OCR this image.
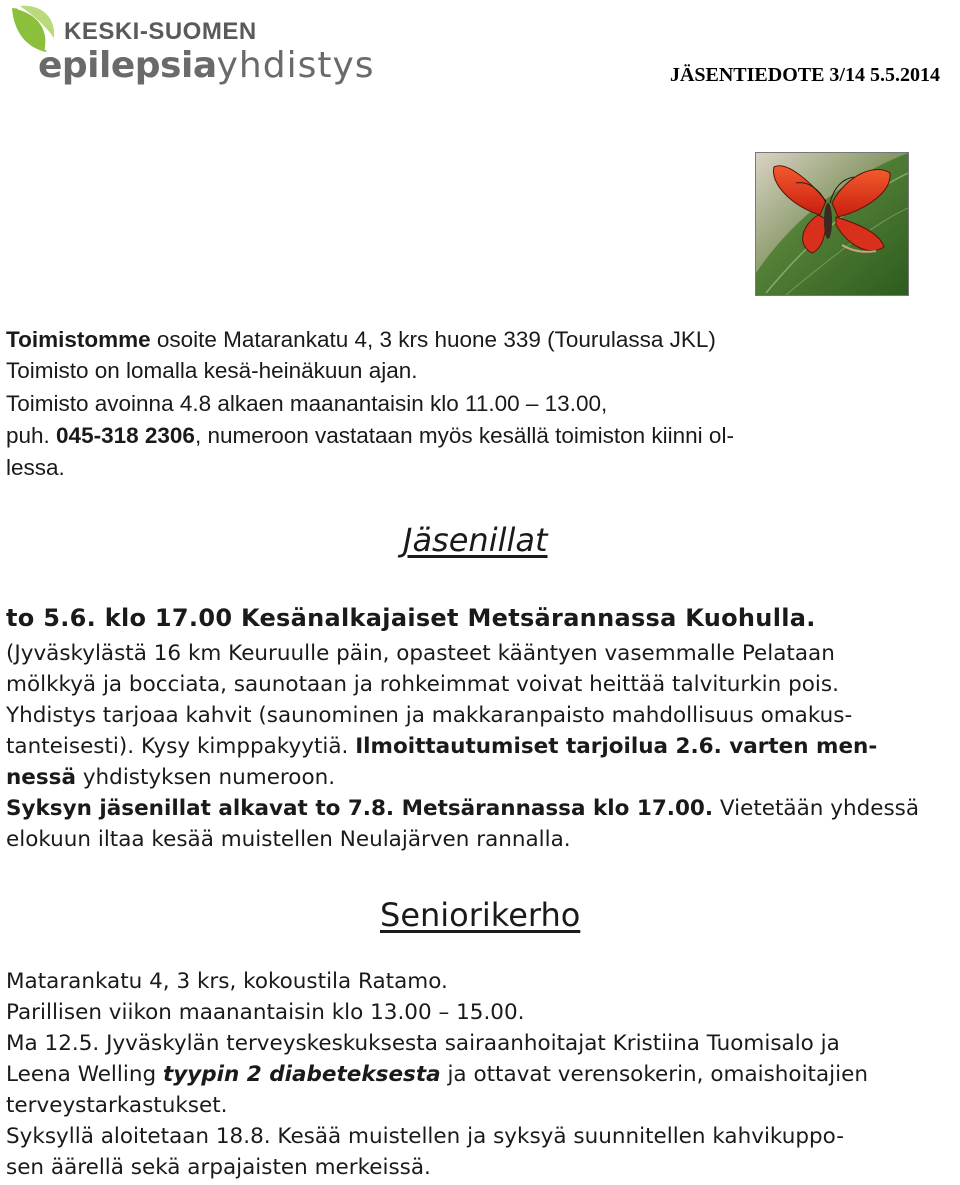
KESKI-SUOMEN
epilepsiayhdistys	JÄSENTIEDOTE 3/14 5.5.2014
Toimistomme osoite Matarankatu 4, 3 krs huone 339 (Tourulassa JKL)
Toimisto on lomalla kesä-heinäkuun ajan.
Toimisto avoinna 4.8 alkaen maanantaisin klo 11.00 – 13.00,
puh. 045-318 2306, numeroon vastataan myös kesällä toimiston kiinni ol-
lessa.
Jäsenillat
to 5.6. klo 17.00 Kesänalkajaiset Metsärannassa Kuohulla.
(Jyväskylästä 16 km Keuruulle päin, opasteet kääntyen vasemmalle Pelataan
mölkkyä ja bocciata, saunotaan ja rohkeimmat voivat heittää talviturkin pois.
Yhdistys tarjoaa kahvit (saunominen ja makkaranpaisto mahdollisuus omakus-
tanteisesti). Kysy kimppakyytiä. Ilmoittautumiset tarjoilua 2.6. varten men-
nessä yhdistyksen numeroon.
Syksyn jäsenillat alkavat to 7.8. Metsärannassa klo 17.00. Vietetään yhdessä
elokuun iltaa kesää muistellen Neulajärven rannalla.
Seniorikerho
Matarankatu 4, 3 krs, kokoustila Ratamo.
Parillisen viikon maanantaisin klo 13.00 – 15.00.
Ma 12.5. Jyväskylän terveyskeskuksesta sairaanhoitajat Kristiina Tuomisalo ja
Leena Welling tyypin 2 diabeteksesta ja ottavat verensokerin, omaishoitajien
terveystarkastukset.
Syksyllä aloitetaan 18.8. Kesää muistellen ja syksyä suunnitellen kahvikuppo-
sen äärellä sekä arpajaisten merkeissä.
